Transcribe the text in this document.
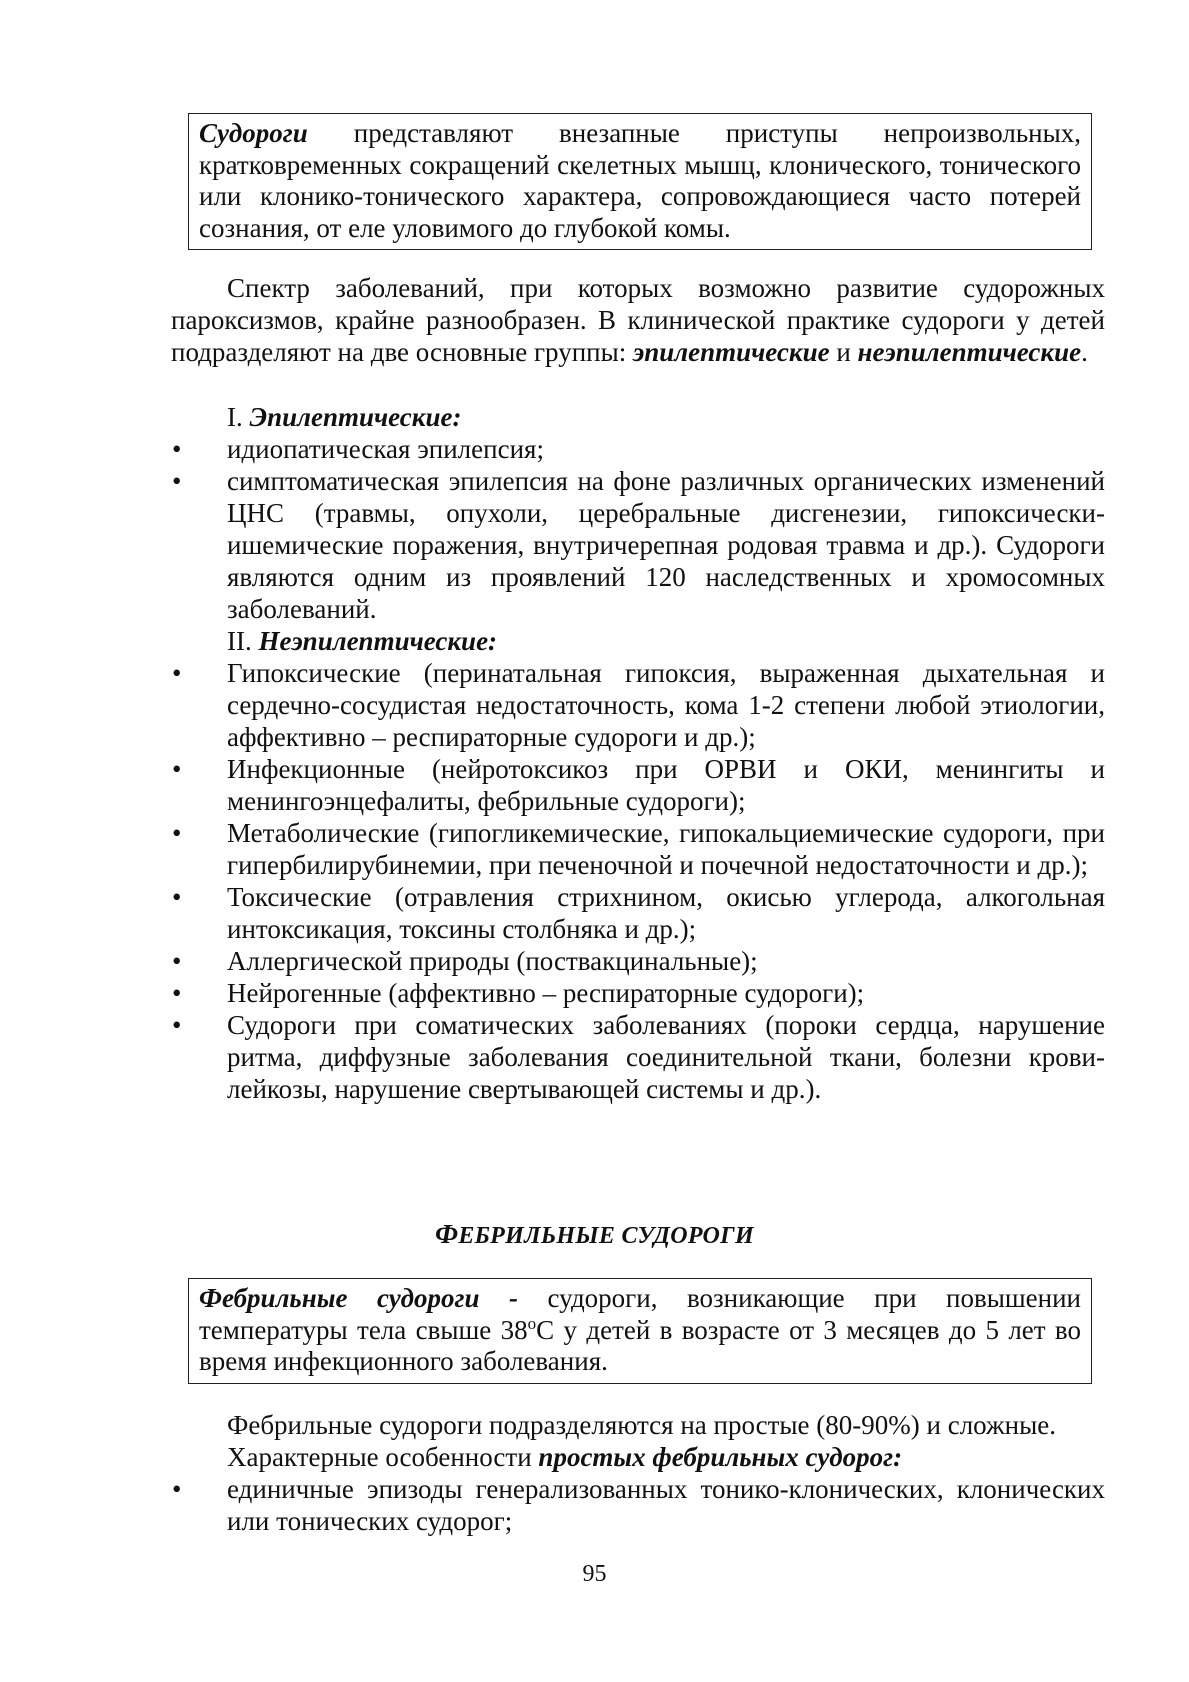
Судороги представляют внезапные приступы непроизвольных, кратковременных сокращений скелетных мышц, клонического, тонического или клонико-тонического характера, сопровождающиеся часто потерей сознания, от еле уловимого до глубокой комы.

Спектр заболеваний, при которых возможно развитие судорожных пароксизмов, крайне разнообразен. В клинической практике судороги у детей подразделяют на две основные группы: эпилептические и неэпилептические.

I. Эпилептические:

• идиопатическая эпилепсия;
• симптоматическая эпилепсия на фоне различных органических изменений ЦНС (травмы, опухоли, церебральные дисгенезии, гипоксически-ишемические поражения, внутричерепная родовая травма и др.). Судороги являются одним из проявлений 120 наследственных и хромосомных заболеваний.

II. Неэпилептические:

• Гипоксические (перинатальная гипоксия, выраженная дыхательная и сердечно-сосудистая недостаточность, кома 1-2 степени любой этиологии, аффективно – респираторные судороги и др.);
• Инфекционные (нейротоксикоз при ОРВИ и ОКИ, менингиты и менингоэнцефалиты, фебрильные судороги);
• Метаболические (гипогликемические, гипокальциемические судороги, при гипербилирубинемии, при печеночной и почечной недостаточности и др.);
• Токсические (отравления стрихнином, окисью углерода, алкогольная интоксикация, токсины столбняка и др.);
• Аллергической природы (поствакцинальные);
• Нейрогенные (аффективно – респираторные судороги);
• Судороги при соматических заболеваниях (пороки сердца, нарушение ритма, диффузные заболевания соединительной ткани, болезни крови-лейкозы, нарушение свертывающей системы и др.).
ФЕБРИЛЬНЫЕ СУДОРОГИ
Фебрильные судороги - судороги, возникающие при повышении температуры тела свыше 38$^o$С у детей в возрасте от 3 месяцев до 5 лет во время инфекционного заболевания.

Фебрильные судороги подразделяются на простые (80-90%) и сложные.

Характерные особенности простых фебрильных судорог:

• единичные эпизоды генерализованных тонико-клонических, клонических или тонических судорог;
95
